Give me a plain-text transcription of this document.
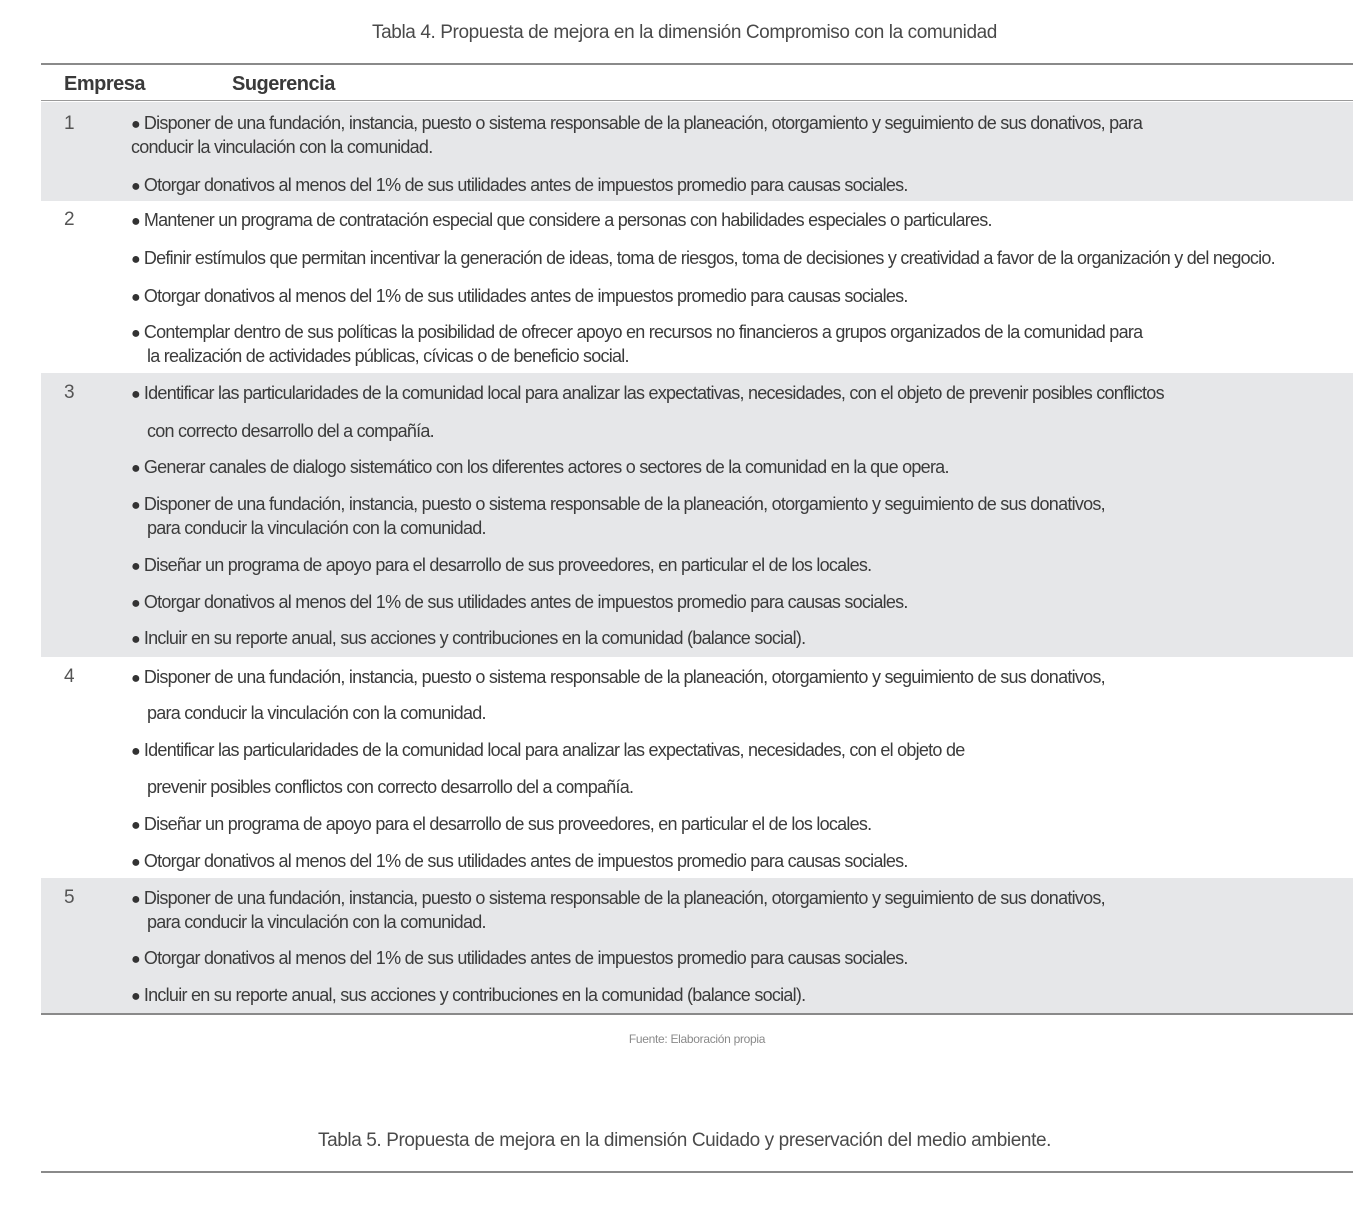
Tabla 4. Propuesta de mejora en la dimensión Compromiso con la comunidad
Empresa	Sugerencia
1	● Disponer de una fundación, instancia, puesto o sistema responsable de la planeación, otorgamiento y seguimiento de sus donativos, para
conducir la vinculación con la comunidad.
● Otorgar donativos al menos del 1% de sus utilidades antes de impuestos promedio para causas sociales.
2	● Mantener un programa de contratación especial que considere a personas con habilidades especiales o particulares.
● Definir estímulos que permitan incentivar la generación de ideas, toma de riesgos, toma de decisiones y creatividad a favor de la organización y del negocio.
● Otorgar donativos al menos del 1% de sus utilidades antes de impuestos promedio para causas sociales.
● Contemplar dentro de sus políticas la posibilidad de ofrecer apoyo en recursos no financieros a grupos organizados de la comunidad para
la realización de actividades públicas, cívicas o de beneficio social.
3	● Identificar las particularidades de la comunidad local para analizar las expectativas, necesidades, con el objeto de prevenir posibles conflictos
con correcto desarrollo del a compañía.
● Generar canales de dialogo sistemático con los diferentes actores o sectores de la comunidad en la que opera.
● Disponer de una fundación, instancia, puesto o sistema responsable de la planeación, otorgamiento y seguimiento de sus donativos,
para conducir la vinculación con la comunidad.
● Diseñar un programa de apoyo para el desarrollo de sus proveedores, en particular el de los locales.
● Otorgar donativos al menos del 1% de sus utilidades antes de impuestos promedio para causas sociales.
● Incluir en su reporte anual, sus acciones y contribuciones en la comunidad (balance social).
4	● Disponer de una fundación, instancia, puesto o sistema responsable de la planeación, otorgamiento y seguimiento de sus donativos,
para conducir la vinculación con la comunidad.
● Identificar las particularidades de la comunidad local para analizar las expectativas, necesidades, con el objeto de
prevenir posibles conflictos con correcto desarrollo del a compañía.
● Diseñar un programa de apoyo para el desarrollo de sus proveedores, en particular el de los locales.
● Otorgar donativos al menos del 1% de sus utilidades antes de impuestos promedio para causas sociales.
5	● Disponer de una fundación, instancia, puesto o sistema responsable de la planeación, otorgamiento y seguimiento de sus donativos,
para conducir la vinculación con la comunidad.
● Otorgar donativos al menos del 1% de sus utilidades antes de impuestos promedio para causas sociales.
● Incluir en su reporte anual, sus acciones y contribuciones en la comunidad (balance social).
Fuente: Elaboración propia
Tabla 5. Propuesta de mejora en la dimensión Cuidado y preservación del medio ambiente.
